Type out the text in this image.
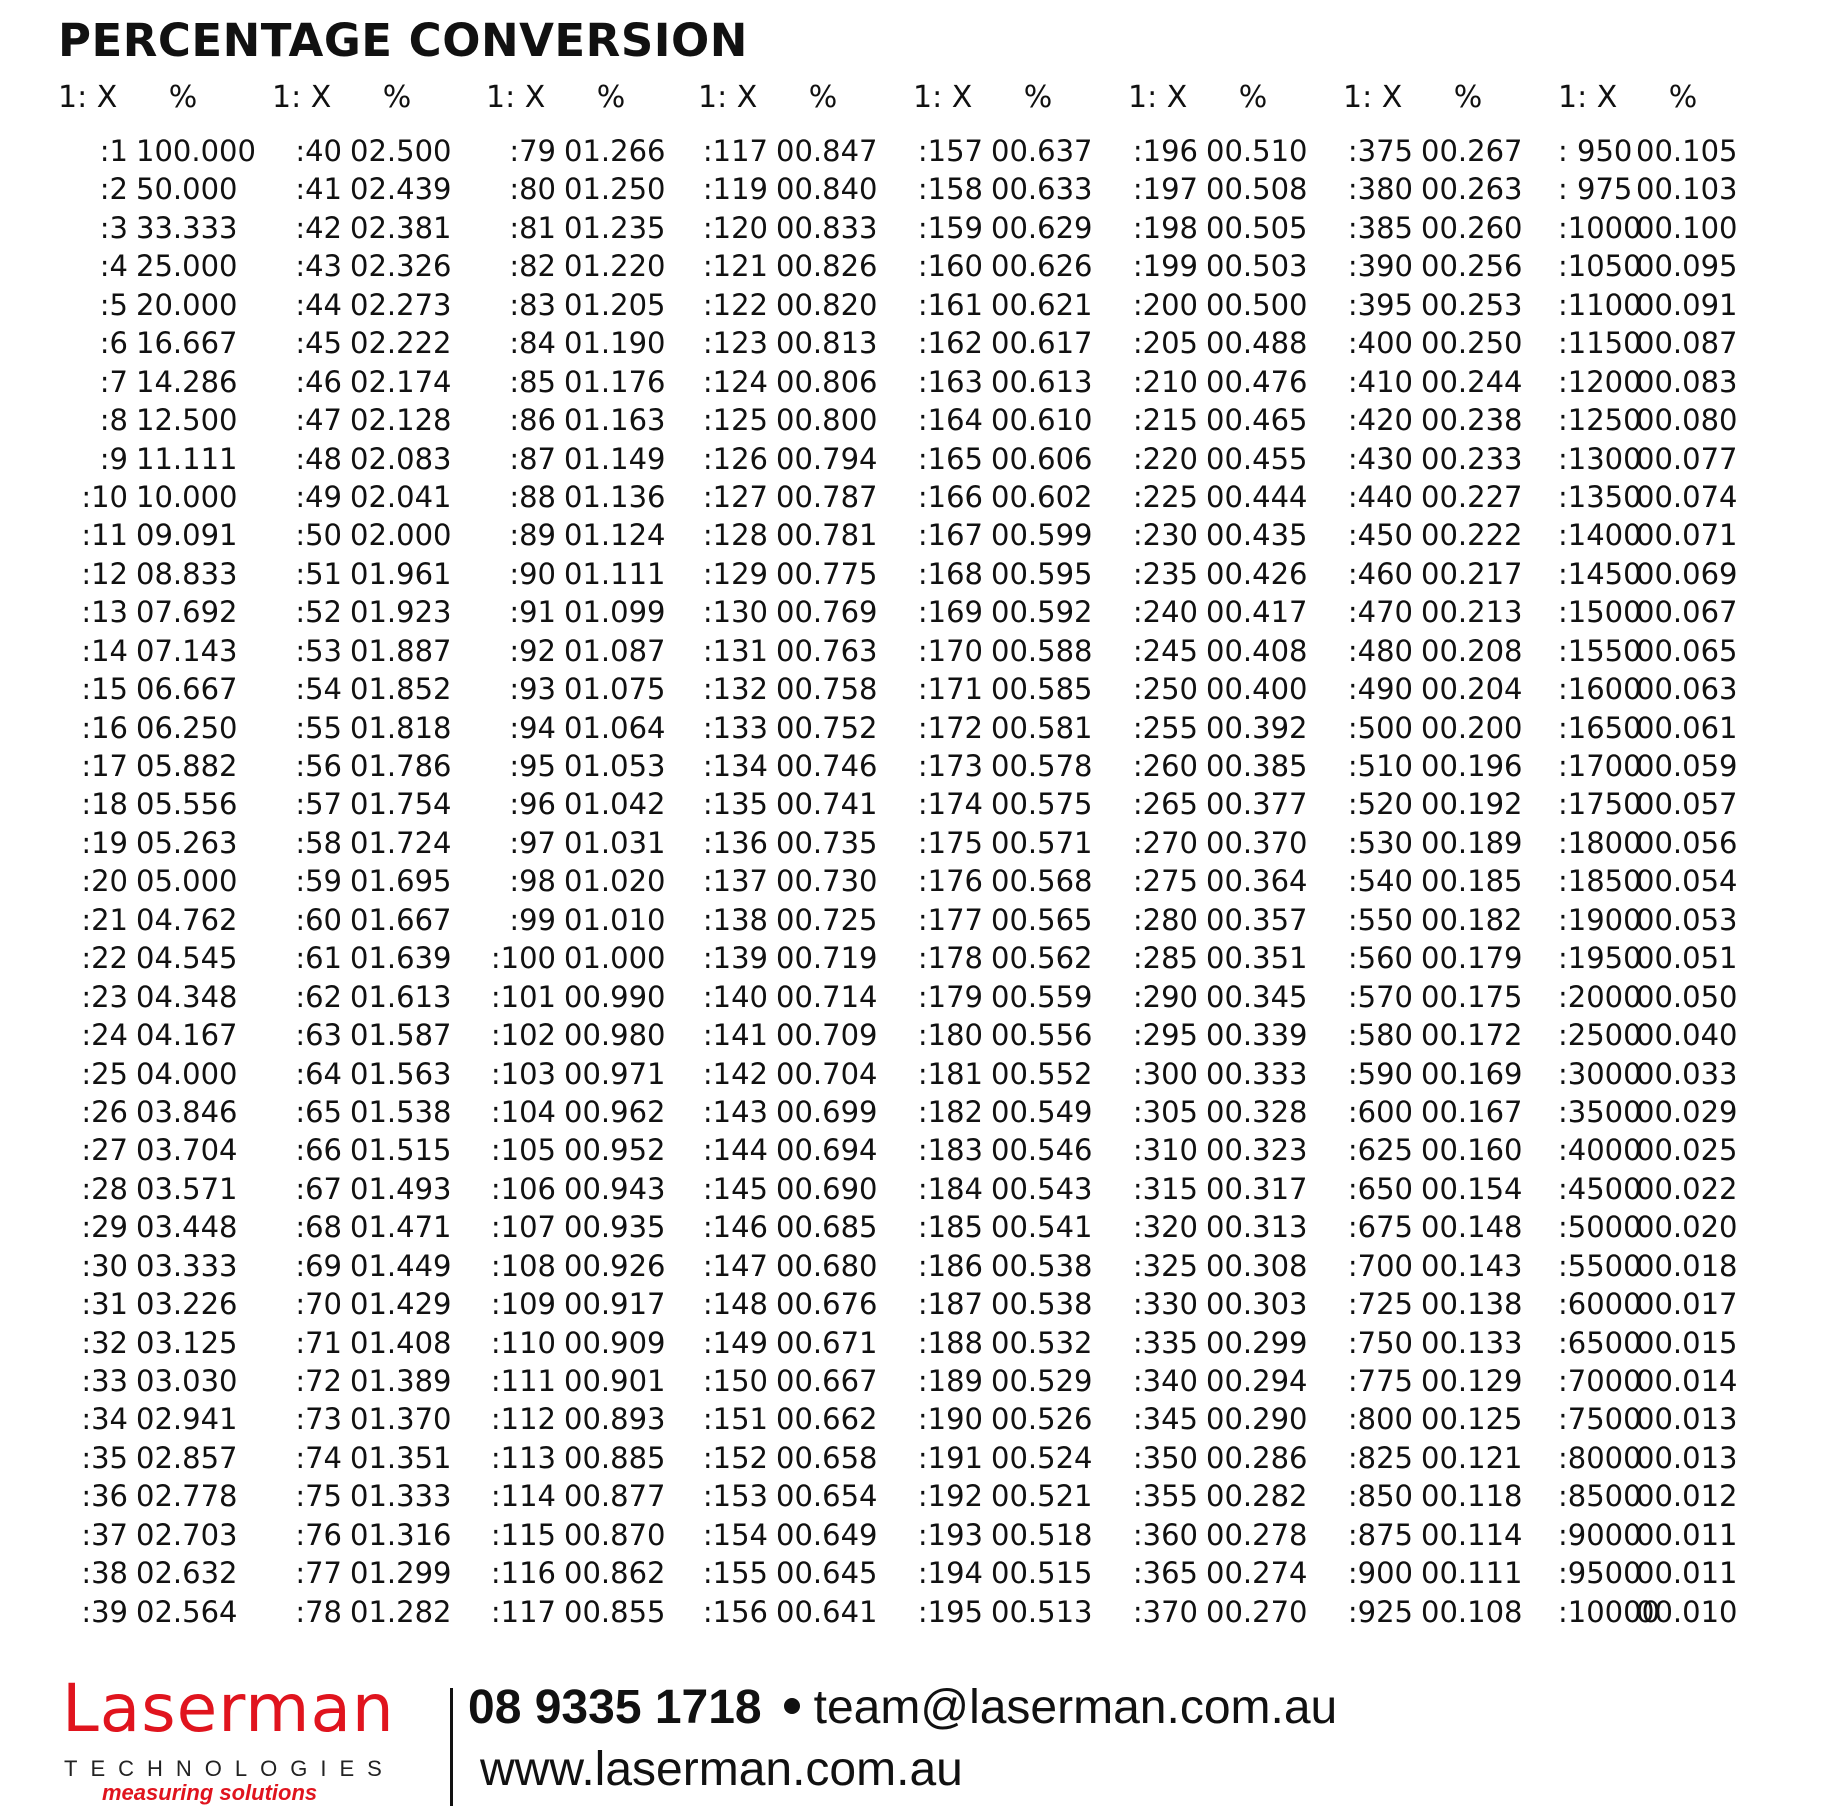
PERCENTAGE CONVERSION
1: X %
:1 100.000
:2 50.000
:3 33.333
:4 25.000
:5 20.000
:6 16.667
:7 14.286
:8 12.500
:9 11.111
:10 10.000
:11 09.091
:12 08.833
:13 07.692
:14 07.143
:15 06.667
:16 06.250
:17 05.882
:18 05.556
:19 05.263
:20 05.000
:21 04.762
:22 04.545
:23 04.348
:24 04.167
:25 04.000
:26 03.846
:27 03.704
:28 03.571
:29 03.448
:30 03.333
:31 03.226
:32 03.125
:33 03.030
:34 02.941
:35 02.857
:36 02.778
:37 02.703
:38 02.632
:39 02.564
1: X %
:40 02.500
:41 02.439
:42 02.381
:43 02.326
:44 02.273
:45 02.222
:46 02.174
:47 02.128
:48 02.083
:49 02.041
:50 02.000
:51 01.961
:52 01.923
:53 01.887
:54 01.852
:55 01.818
:56 01.786
:57 01.754
:58 01.724
:59 01.695
:60 01.667
:61 01.639
:62 01.613
:63 01.587
:64 01.563
:65 01.538
:66 01.515
:67 01.493
:68 01.471
:69 01.449
:70 01.429
:71 01.408
:72 01.389
:73 01.370
:74 01.351
:75 01.333
:76 01.316
:77 01.299
:78 01.282
1: X %
:79 01.266
:80 01.250
:81 01.235
:82 01.220
:83 01.205
:84 01.190
:85 01.176
:86 01.163
:87 01.149
:88 01.136
:89 01.124
:90 01.111
:91 01.099
:92 01.087
:93 01.075
:94 01.064
:95 01.053
:96 01.042
:97 01.031
:98 01.020
:99 01.010
:100 01.000
:101 00.990
:102 00.980
:103 00.971
:104 00.962
:105 00.952
:106 00.943
:107 00.935
:108 00.926
:109 00.917
:110 00.909
:111 00.901
:112 00.893
:113 00.885
:114 00.877
:115 00.870
:116 00.862
:117 00.855
1: X %
:117 00.847
:119 00.840
:120 00.833
:121 00.826
:122 00.820
:123 00.813
:124 00.806
:125 00.800
:126 00.794
:127 00.787
:128 00.781
:129 00.775
:130 00.769
:131 00.763
:132 00.758
:133 00.752
:134 00.746
:135 00.741
:136 00.735
:137 00.730
:138 00.725
:139 00.719
:140 00.714
:141 00.709
:142 00.704
:143 00.699
:144 00.694
:145 00.690
:146 00.685
:147 00.680
:148 00.676
:149 00.671
:150 00.667
:151 00.662
:152 00.658
:153 00.654
:154 00.649
:155 00.645
:156 00.641
1: X %
:157 00.637
:158 00.633
:159 00.629
:160 00.626
:161 00.621
:162 00.617
:163 00.613
:164 00.610
:165 00.606
:166 00.602
:167 00.599
:168 00.595
:169 00.592
:170 00.588
:171 00.585
:172 00.581
:173 00.578
:174 00.575
:175 00.571
:176 00.568
:177 00.565
:178 00.562
:179 00.559
:180 00.556
:181 00.552
:182 00.549
:183 00.546
:184 00.543
:185 00.541
:186 00.538
:187 00.538
:188 00.532
:189 00.529
:190 00.526
:191 00.524
:192 00.521
:193 00.518
:194 00.515
:195 00.513
1: X %
:196 00.510
:197 00.508
:198 00.505
:199 00.503
:200 00.500
:205 00.488
:210 00.476
:215 00.465
:220 00.455
:225 00.444
:230 00.435
:235 00.426
:240 00.417
:245 00.408
:250 00.400
:255 00.392
:260 00.385
:265 00.377
:270 00.370
:275 00.364
:280 00.357
:285 00.351
:290 00.345
:295 00.339
:300 00.333
:305 00.328
:310 00.323
:315 00.317
:320 00.313
:325 00.308
:330 00.303
:335 00.299
:340 00.294
:345 00.290
:350 00.286
:355 00.282
:360 00.278
:365 00.274
:370 00.270
1: X %
:375 00.267
:380 00.263
:385 00.260
:390 00.256
:395 00.253
:400 00.250
:410 00.244
:420 00.238
:430 00.233
:440 00.227
:450 00.222
:460 00.217
:470 00.213
:480 00.208
:490 00.204
:500 00.200
:510 00.196
:520 00.192
:530 00.189
:540 00.185
:550 00.182
:560 00.179
:570 00.175
:580 00.172
:590 00.169
:600 00.167
:625 00.160
:650 00.154
:675 00.148
:700 00.143
:725 00.138
:750 00.133
:775 00.129
:800 00.125
:825 00.121
:850 00.118
:875 00.114
:900 00.111
:925 00.108
1: X %
: 950 00.105
: 975 00.103
:100000.100
:105000.095
:110000.091
:115000.087
:120000.083
:125000.080
:130000.077
:135000.074
:140000.071
:145000.069
:150000.067
:155000.065
:160000.063
:165000.061
:170000.059
:175000.057
:180000.056
:185000.054
:190000.053
:195000.051
:200000.050
:250000.040
:300000.033
:350000.029
:400000.025
:450000.022
:500000.020
:550000.018
:600000.017
:650000.015
:700000.014
:750000.013
:800000.013
:850000.012
:900000.011
:950000.011
:1000000.010
Laserman
TECHNOLOGIES
measuring solutions
08 9335 1718 team@laserman.com.au
www.laserman.com.au
